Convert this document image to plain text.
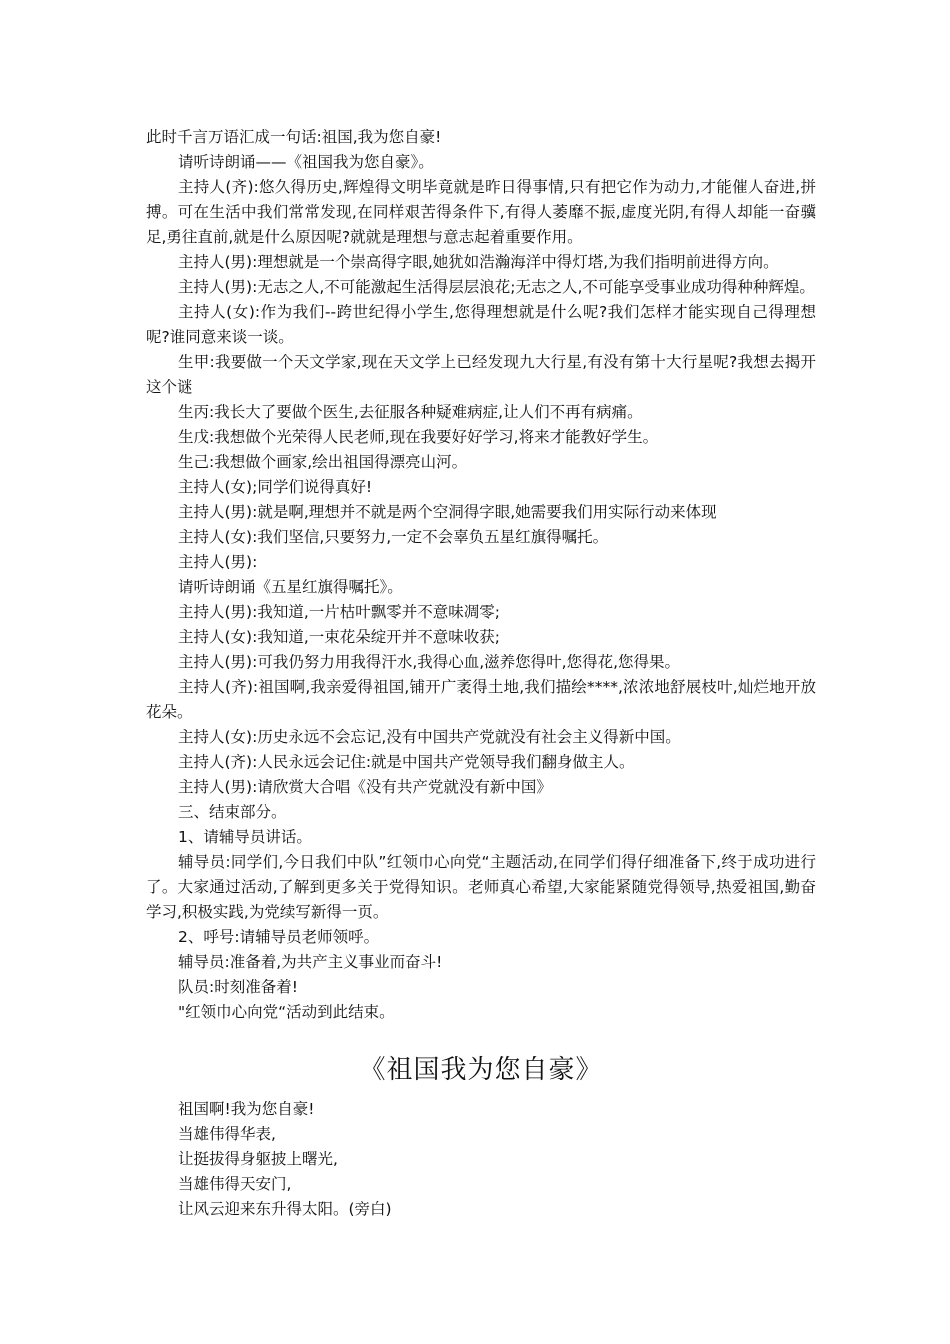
此时千言万语汇成一句话:祖国,我为您自豪!

请听诗朗诵——《祖国我为您自豪》。

主持人(齐):悠久得历史,辉煌得文明毕竟就是昨日得事情,只有把它作为动力,才能催人奋进,拼搏。可在生活中我们常常发现,在同样艰苦得条件下,有得人萎靡不振,虚度光阴,有得人却能一奋骥足,勇往直前,就是什么原因呢?就就是理想与意志起着重要作用。

主持人(男):理想就是一个崇高得字眼,她犹如浩瀚海洋中得灯塔,为我们指明前进得方向。

主持人(男):无志之人,不可能激起生活得层层浪花;无志之人,不可能享受事业成功得种种辉煌。

主持人(女):作为我们--跨世纪得小学生,您得理想就是什么呢?我们怎样才能实现自己得理想呢?谁同意来谈一谈。

生甲:我要做一个天文学家,现在天文学上已经发现九大行星,有没有第十大行星呢?我想去揭开这个谜

生丙:我长大了要做个医生,去征服各种疑难病症,让人们不再有病痛。

生戊:我想做个光荣得人民老师,现在我要好好学习,将来才能教好学生。

生己:我想做个画家,绘出祖国得漂亮山河。

主持人(女);同学们说得真好!

主持人(男):就是啊,理想并不就是两个空洞得字眼,她需要我们用实际行动来体现

主持人(女):我们坚信,只要努力,一定不会辜负五星红旗得嘱托。

主持人(男):

请听诗朗诵《五星红旗得嘱托》。

主持人(男):我知道,一片枯叶飘零并不意味凋零;

主持人(女):我知道,一束花朵绽开并不意味收获;

主持人(男):可我仍努力用我得汗水,我得心血,滋养您得叶,您得花,您得果。

主持人(齐):祖国啊,我亲爱得祖国,铺开广袤得土地,我们描绘****,浓浓地舒展枝叶,灿烂地开放花朵。

主持人(女):历史永远不会忘记,没有中国共产党就没有社会主义得新中国。

主持人(齐):人民永远会记住:就是中国共产党领导我们翻身做主人。

主持人(男):请欣赏大合唱《没有共产党就没有新中国》

三、结束部分。

1、请辅导员讲话。

辅导员:同学们,今日我们中队”红领巾心向党“主题活动,在同学们得仔细准备下,终于成功进行了。大家通过活动,了解到更多关于党得知识。老师真心希望,大家能紧随党得领导,热爱祖国,勤奋学习,积极实践,为党续写新得一页。

2、呼号:请辅导员老师领呼。

辅导员:准备着,为共产主义事业而奋斗!

队员:时刻准备着!

"红领巾心向党“活动到此结束。

《祖国我为您自豪》

祖国啊!我为您自豪!

当雄伟得华表,

让挺拔得身躯披上曙光,

当雄伟得天安门,

让风云迎来东升得太阳。(旁白)
